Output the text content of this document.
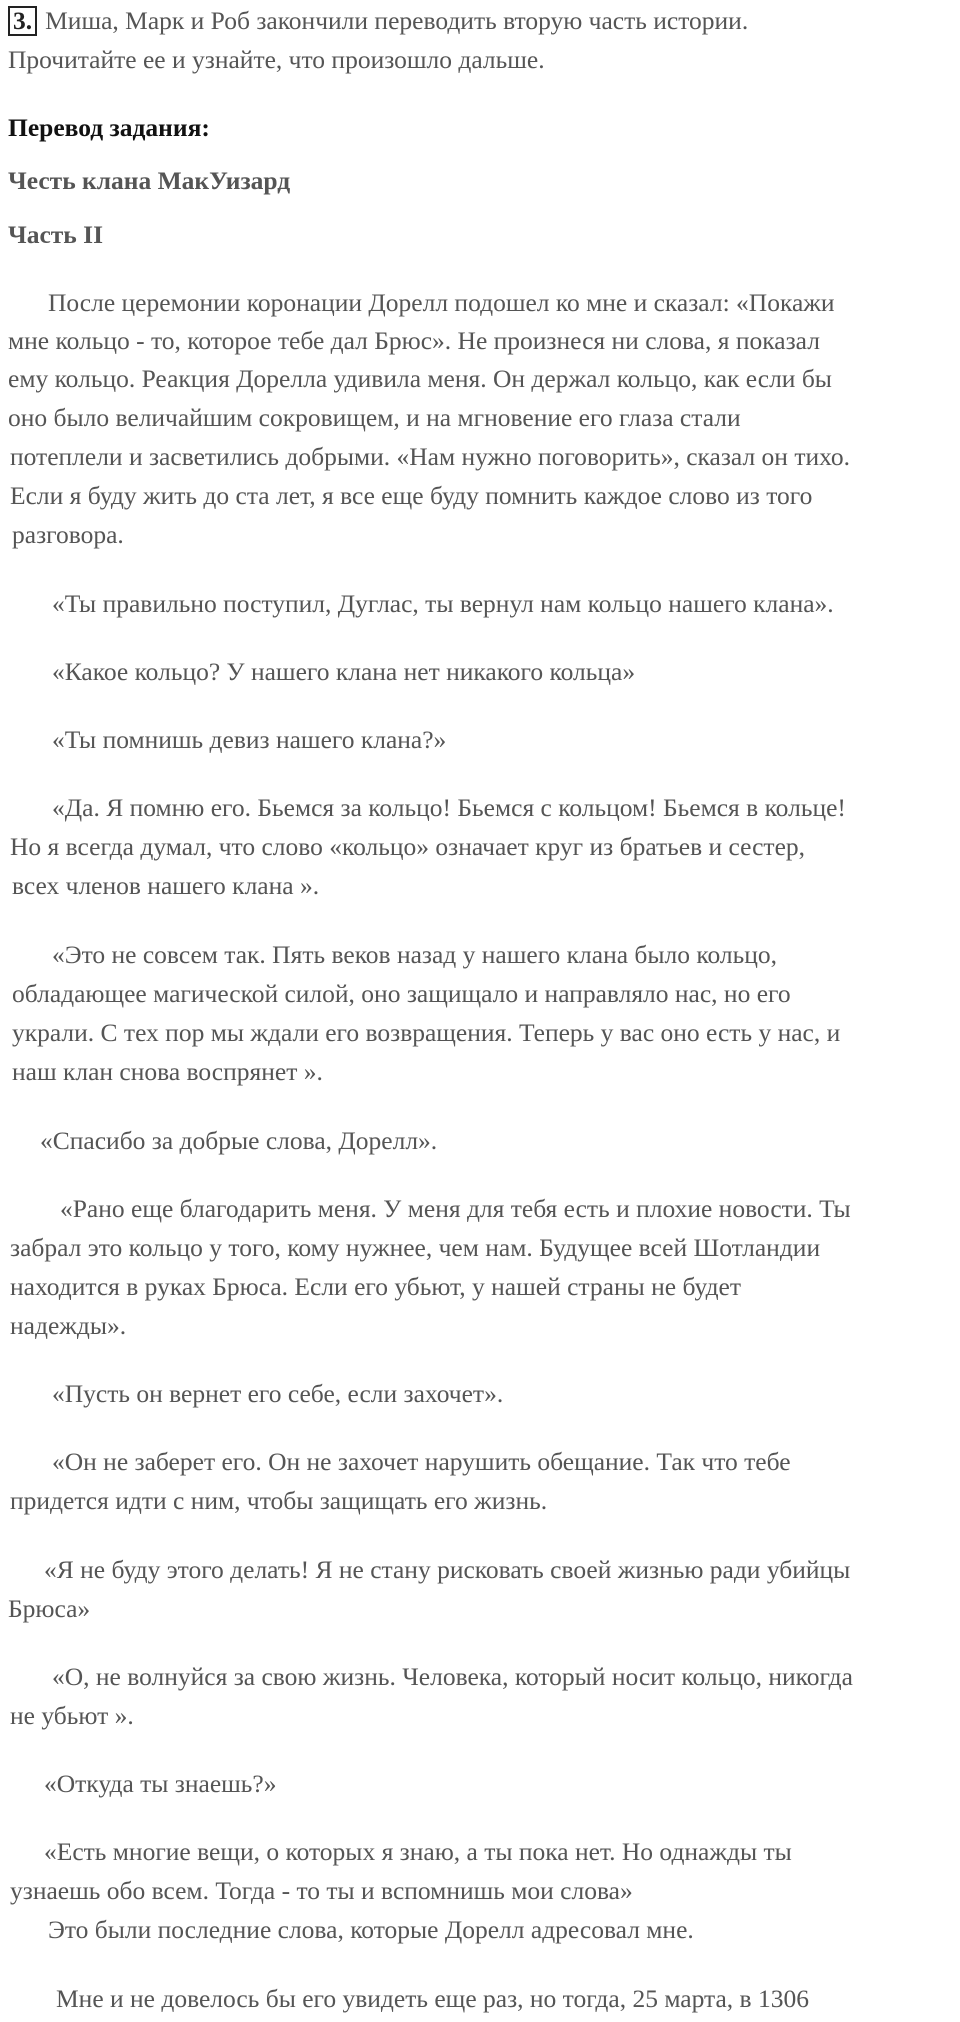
3. Миша, Марк и Роб закончили переводить вторую часть истории.
Прочитайте ее и узнайте, что произошло дальше.
Перевод задания:
Честь клана МакУизард
Часть II
После церемонии коронации Дорелл подошел ко мне и сказал: «Покажи
мне кольцо - то, которое тебе дал Брюс». Не произнеся ни слова, я показал
ему кольцо. Реакция Дорелла удивила меня. Он держал кольцо, как если бы
оно было величайшим сокровищем, и на мгновение его глаза стали
потеплели и засветились добрыми. «Нам нужно поговорить», сказал он тихо.
Если я буду жить до ста лет, я все еще буду помнить каждое слово из того
разговора.
«Ты правильно поступил, Дуглас, ты вернул нам кольцо нашего клана».
«Какое кольцо? У нашего клана нет никакого кольца»
«Ты помнишь девиз нашего клана?»
«Да. Я помню его. Бьемся за кольцо! Бьемся с кольцом! Бьемся в кольце!
Но я всегда думал, что слово «кольцо» означает круг из братьев и сестер,
всех членов нашего клана ».
«Это не совсем так. Пять веков назад у нашего клана было кольцо,
обладающее магической силой, оно защищало и направляло нас, но его
украли. С тех пор мы ждали его возвращения. Теперь у вас оно есть у нас, и
наш клан снова воспрянет ».
«Спасибо за добрые слова, Дорелл».
«Рано еще благодарить меня. У меня для тебя есть и плохие новости. Ты
забрал это кольцо у того, кому нужнее, чем нам. Будущее всей Шотландии
находится в руках Брюса. Если его убьют, у нашей страны не будет
надежды».
«Пусть он вернет его себе, если захочет».
«Он не заберет его. Он не захочет нарушить обещание. Так что тебе
придется идти с ним, чтобы защищать его жизнь.
«Я не буду этого делать! Я не стану рисковать своей жизнью ради убийцы
Брюса»
«О, не волнуйся за свою жизнь. Человека, который носит кольцо, никогда
не убьют ».
«Откуда ты знаешь?»
«Есть многие вещи, о которых я знаю, а ты пока нет. Но однажды ты
узнаешь обо всем. Тогда - то ты и вспомнишь мои слова»
Это были последние слова, которые Дорелл адресовал мне.
Мне и не довелось бы его увидеть еще раз, но тогда, 25 марта, в 1306
